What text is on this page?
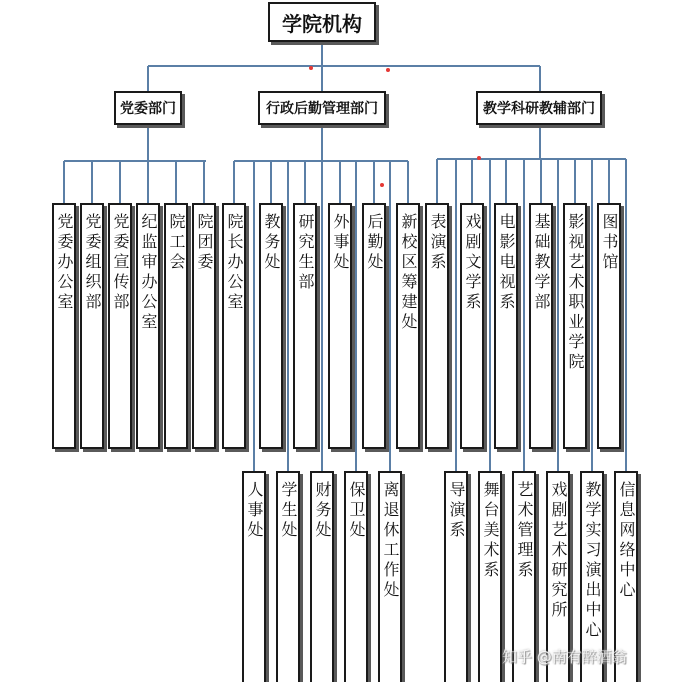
学院机构
党委部门	行政后勤管理部门	教学科研教辅部门
党委办公室 党委组织部 党委宣传部 纪监审办公室 院工会 院团委 院长办公室 教务处 研究生部 外事处 后勤处 新校区筹建处 表演系 戏剧文学系 电影电视系 基础教学部 影视艺术职业学院 图书馆
人事处 学生处 财务处 保卫处 离退休工作处	导演系 舞台美术系 艺术管理系 戏剧艺术研究所 教学实习演出中心 信息网络中心
知乎 @南有醉酒翁
